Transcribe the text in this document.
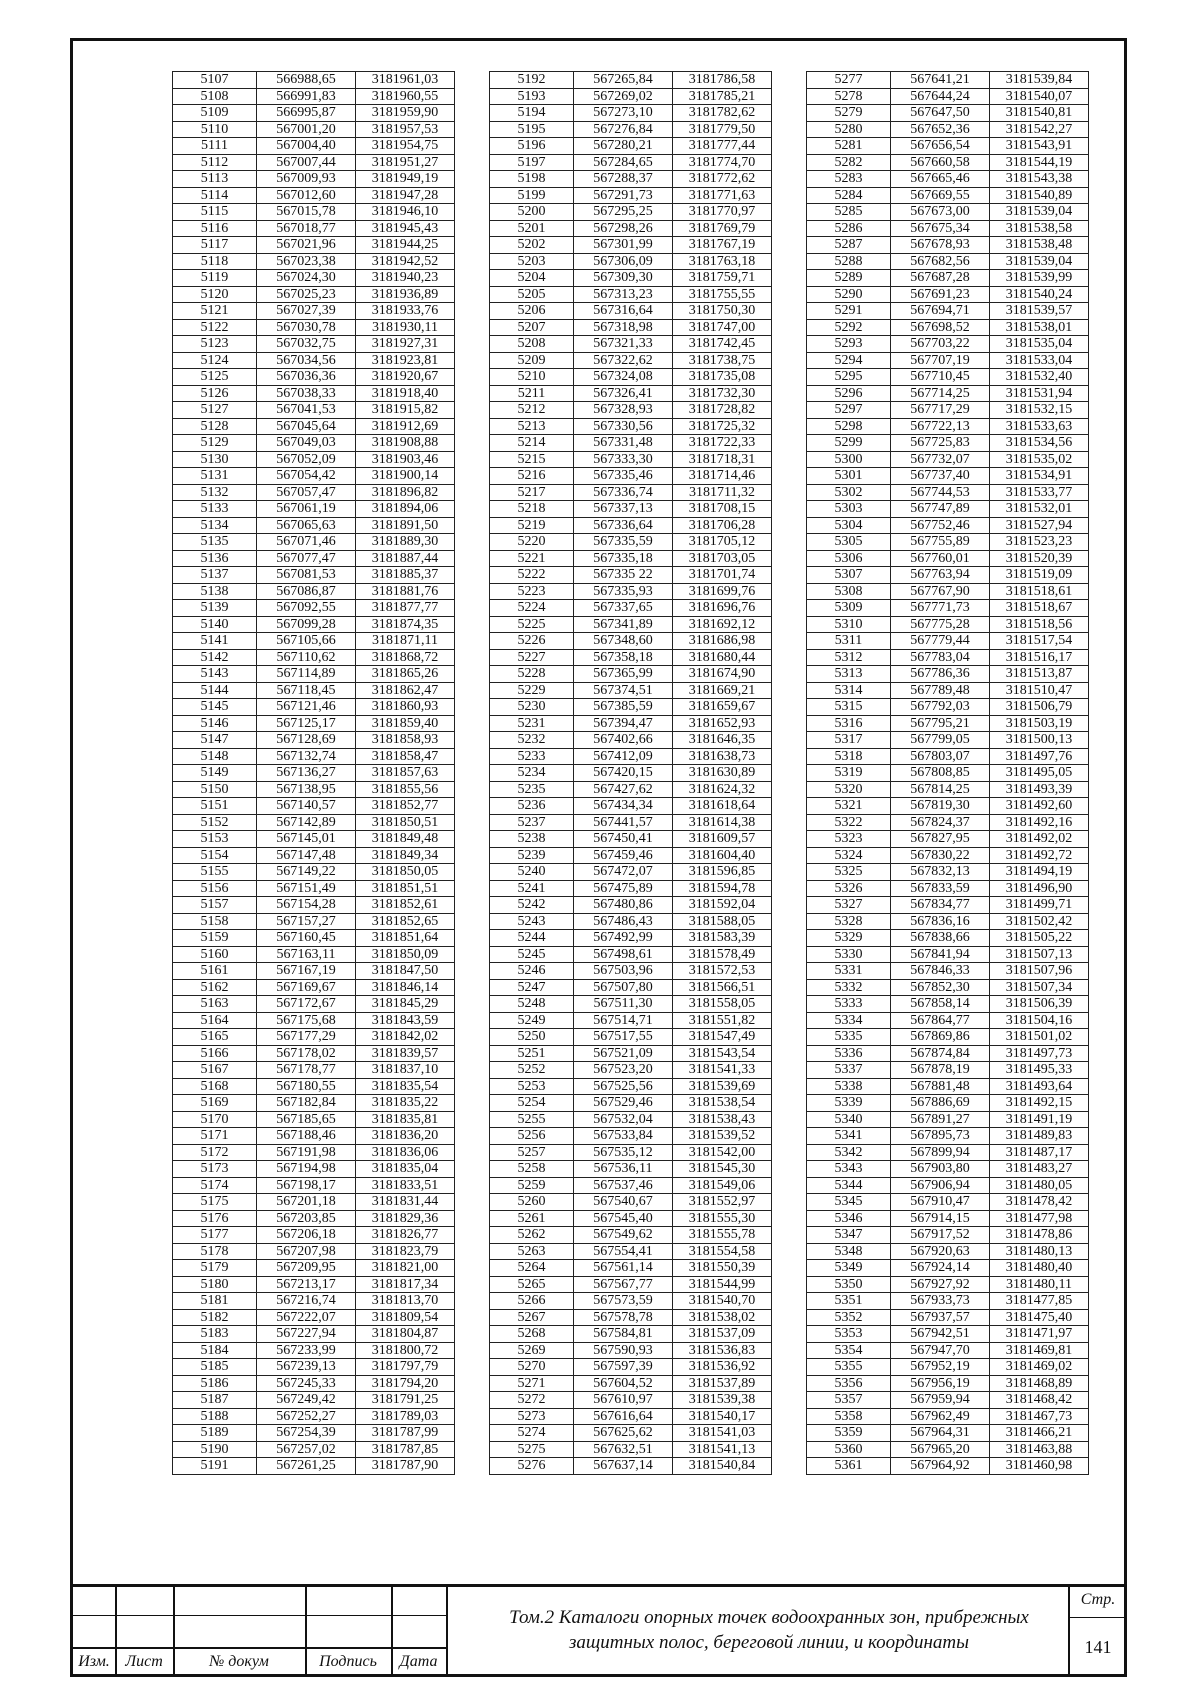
5107	566988,65	3181961,03
5108	566991,83	3181960,55
5109	566995,87	3181959,90
5110	567001,20	3181957,53
5111	567004,40	3181954,75
5112	567007,44	3181951,27
5113	567009,93	3181949,19
5114	567012,60	3181947,28
5115	567015,78	3181946,10
5116	567018,77	3181945,43
5117	567021,96	3181944,25
5118	567023,38	3181942,52
5119	567024,30	3181940,23
5120	567025,23	3181936,89
5121	567027,39	3181933,76
5122	567030,78	3181930,11
5123	567032,75	3181927,31
5124	567034,56	3181923,81
5125	567036,36	3181920,67
5126	567038,33	3181918,40
5127	567041,53	3181915,82
5128	567045,64	3181912,69
5129	567049,03	3181908,88
5130	567052,09	3181903,46
5131	567054,42	3181900,14
5132	567057,47	3181896,82
5133	567061,19	3181894,06
5134	567065,63	3181891,50
5135	567071,46	3181889,30
5136	567077,47	3181887,44
5137	567081,53	3181885,37
5138	567086,87	3181881,76
5139	567092,55	3181877,77
5140	567099,28	3181874,35
5141	567105,66	3181871,11
5142	567110,62	3181868,72
5143	567114,89	3181865,26
5144	567118,45	3181862,47
5145	567121,46	3181860,93
5146	567125,17	3181859,40
5147	567128,69	3181858,93
5148	567132,74	3181858,47
5149	567136,27	3181857,63
5150	567138,95	3181855,56
5151	567140,57	3181852,77
5152	567142,89	3181850,51
5153	567145,01	3181849,48
5154	567147,48	3181849,34
5155	567149,22	3181850,05
5156	567151,49	3181851,51
5157	567154,28	3181852,61
5158	567157,27	3181852,65
5159	567160,45	3181851,64
5160	567163,11	3181850,09
5161	567167,19	3181847,50
5162	567169,67	3181846,14
5163	567172,67	3181845,29
5164	567175,68	3181843,59
5165	567177,29	3181842,02
5166	567178,02	3181839,57
5167	567178,77	3181837,10
5168	567180,55	3181835,54
5169	567182,84	3181835,22
5170	567185,65	3181835,81
5171	567188,46	3181836,20
5172	567191,98	3181836,06
5173	567194,98	3181835,04
5174	567198,17	3181833,51
5175	567201,18	3181831,44
5176	567203,85	3181829,36
5177	567206,18	3181826,77
5178	567207,98	3181823,79
5179	567209,95	3181821,00
5180	567213,17	3181817,34
5181	567216,74	3181813,70
5182	567222,07	3181809,54
5183	567227,94	3181804,87
5184	567233,99	3181800,72
5185	567239,13	3181797,79
5186	567245,33	3181794,20
5187	567249,42	3181791,25
5188	567252,27	3181789,03
5189	567254,39	3181787,99
5190	567257,02	3181787,85
5191	567261,25	3181787,90
5192	567265,84	3181786,58
5193	567269,02	3181785,21
5194	567273,10	3181782,62
5195	567276,84	3181779,50
5196	567280,21	3181777,44
5197	567284,65	3181774,70
5198	567288,37	3181772,62
5199	567291,73	3181771,63
5200	567295,25	3181770,97
5201	567298,26	3181769,79
5202	567301,99	3181767,19
5203	567306,09	3181763,18
5204	567309,30	3181759,71
5205	567313,23	3181755,55
5206	567316,64	3181750,30
5207	567318,98	3181747,00
5208	567321,33	3181742,45
5209	567322,62	3181738,75
5210	567324,08	3181735,08
5211	567326,41	3181732,30
5212	567328,93	3181728,82
5213	567330,56	3181725,32
5214	567331,48	3181722,33
5215	567333,30	3181718,31
5216	567335,46	3181714,46
5217	567336,74	3181711,32
5218	567337,13	3181708,15
5219	567336,64	3181706,28
5220	567335,59	3181705,12
5221	567335,18	3181703,05
5222	567335 22	3181701,74
5223	567335,93	3181699,76
5224	567337,65	3181696,76
5225	567341,89	3181692,12
5226	567348,60	3181686,98
5227	567358,18	3181680,44
5228	567365,99	3181674,90
5229	567374,51	3181669,21
5230	567385,59	3181659,67
5231	567394,47	3181652,93
5232	567402,66	3181646,35
5233	567412,09	3181638,73
5234	567420,15	3181630,89
5235	567427,62	3181624,32
5236	567434,34	3181618,64
5237	567441,57	3181614,38
5238	567450,41	3181609,57
5239	567459,46	3181604,40
5240	567472,07	3181596,85
5241	567475,89	3181594,78
5242	567480,86	3181592,04
5243	567486,43	3181588,05
5244	567492,99	3181583,39
5245	567498,61	3181578,49
5246	567503,96	3181572,53
5247	567507,80	3181566,51
5248	567511,30	3181558,05
5249	567514,71	3181551,82
5250	567517,55	3181547,49
5251	567521,09	3181543,54
5252	567523,20	3181541,33
5253	567525,56	3181539,69
5254	567529,46	3181538,54
5255	567532,04	3181538,43
5256	567533,84	3181539,52
5257	567535,12	3181542,00
5258	567536,11	3181545,30
5259	567537,46	3181549,06
5260	567540,67	3181552,97
5261	567545,40	3181555,30
5262	567549,62	3181555,78
5263	567554,41	3181554,58
5264	567561,14	3181550,39
5265	567567,77	3181544,99
5266	567573,59	3181540,70
5267	567578,78	3181538,02
5268	567584,81	3181537,09
5269	567590,93	3181536,83
5270	567597,39	3181536,92
5271	567604,52	3181537,89
5272	567610,97	3181539,38
5273	567616,64	3181540,17
5274	567625,62	3181541,03
5275	567632,51	3181541,13
5276	567637,14	3181540,84
5277	567641,21	3181539,84
5278	567644,24	3181540,07
5279	567647,50	3181540,81
5280	567652,36	3181542,27
5281	567656,54	3181543,91
5282	567660,58	3181544,19
5283	567665,46	3181543,38
5284	567669,55	3181540,89
5285	567673,00	3181539,04
5286	567675,34	3181538,58
5287	567678,93	3181538,48
5288	567682,56	3181539,04
5289	567687,28	3181539,99
5290	567691,23	3181540,24
5291	567694,71	3181539,57
5292	567698,52	3181538,01
5293	567703,22	3181535,04
5294	567707,19	3181533,04
5295	567710,45	3181532,40
5296	567714,25	3181531,94
5297	567717,29	3181532,15
5298	567722,13	3181533,63
5299	567725,83	3181534,56
5300	567732,07	3181535,02
5301	567737,40	3181534,91
5302	567744,53	3181533,77
5303	567747,89	3181532,01
5304	567752,46	3181527,94
5305	567755,89	3181523,23
5306	567760,01	3181520,39
5307	567763,94	3181519,09
5308	567767,90	3181518,61
5309	567771,73	3181518,67
5310	567775,28	3181518,56
5311	567779,44	3181517,54
5312	567783,04	3181516,17
5313	567786,36	3181513,87
5314	567789,48	3181510,47
5315	567792,03	3181506,79
5316	567795,21	3181503,19
5317	567799,05	3181500,13
5318	567803,07	3181497,76
5319	567808,85	3181495,05
5320	567814,25	3181493,39
5321	567819,30	3181492,60
5322	567824,37	3181492,16
5323	567827,95	3181492,02
5324	567830,22	3181492,72
5325	567832,13	3181494,19
5326	567833,59	3181496,90
5327	567834,77	3181499,71
5328	567836,16	3181502,42
5329	567838,66	3181505,22
5330	567841,94	3181507,13
5331	567846,33	3181507,96
5332	567852,30	3181507,34
5333	567858,14	3181506,39
5334	567864,77	3181504,16
5335	567869,86	3181501,02
5336	567874,84	3181497,73
5337	567878,19	3181495,33
5338	567881,48	3181493,64
5339	567886,69	3181492,15
5340	567891,27	3181491,19
5341	567895,73	3181489,83
5342	567899,94	3181487,17
5343	567903,80	3181483,27
5344	567906,94	3181480,05
5345	567910,47	3181478,42
5346	567914,15	3181477,98
5347	567917,52	3181478,86
5348	567920,63	3181480,13
5349	567924,14	3181480,40
5350	567927,92	3181480,11
5351	567933,73	3181477,85
5352	567937,57	3181475,40
5353	567942,51	3181471,97
5354	567947,70	3181469,81
5355	567952,19	3181469,02
5356	567956,19	3181468,89
5357	567959,94	3181468,42
5358	567962,49	3181467,73
5359	567964,31	3181466,21
5360	567965,20	3181463,88
5361	567964,92	3181460,98
Изм. Лист	№ докум	Подпись	Дата
Том.2 Каталоги опорных точек водоохранных зон, прибрежных защитных полос, береговой линии, и координаты
Стр.
141
